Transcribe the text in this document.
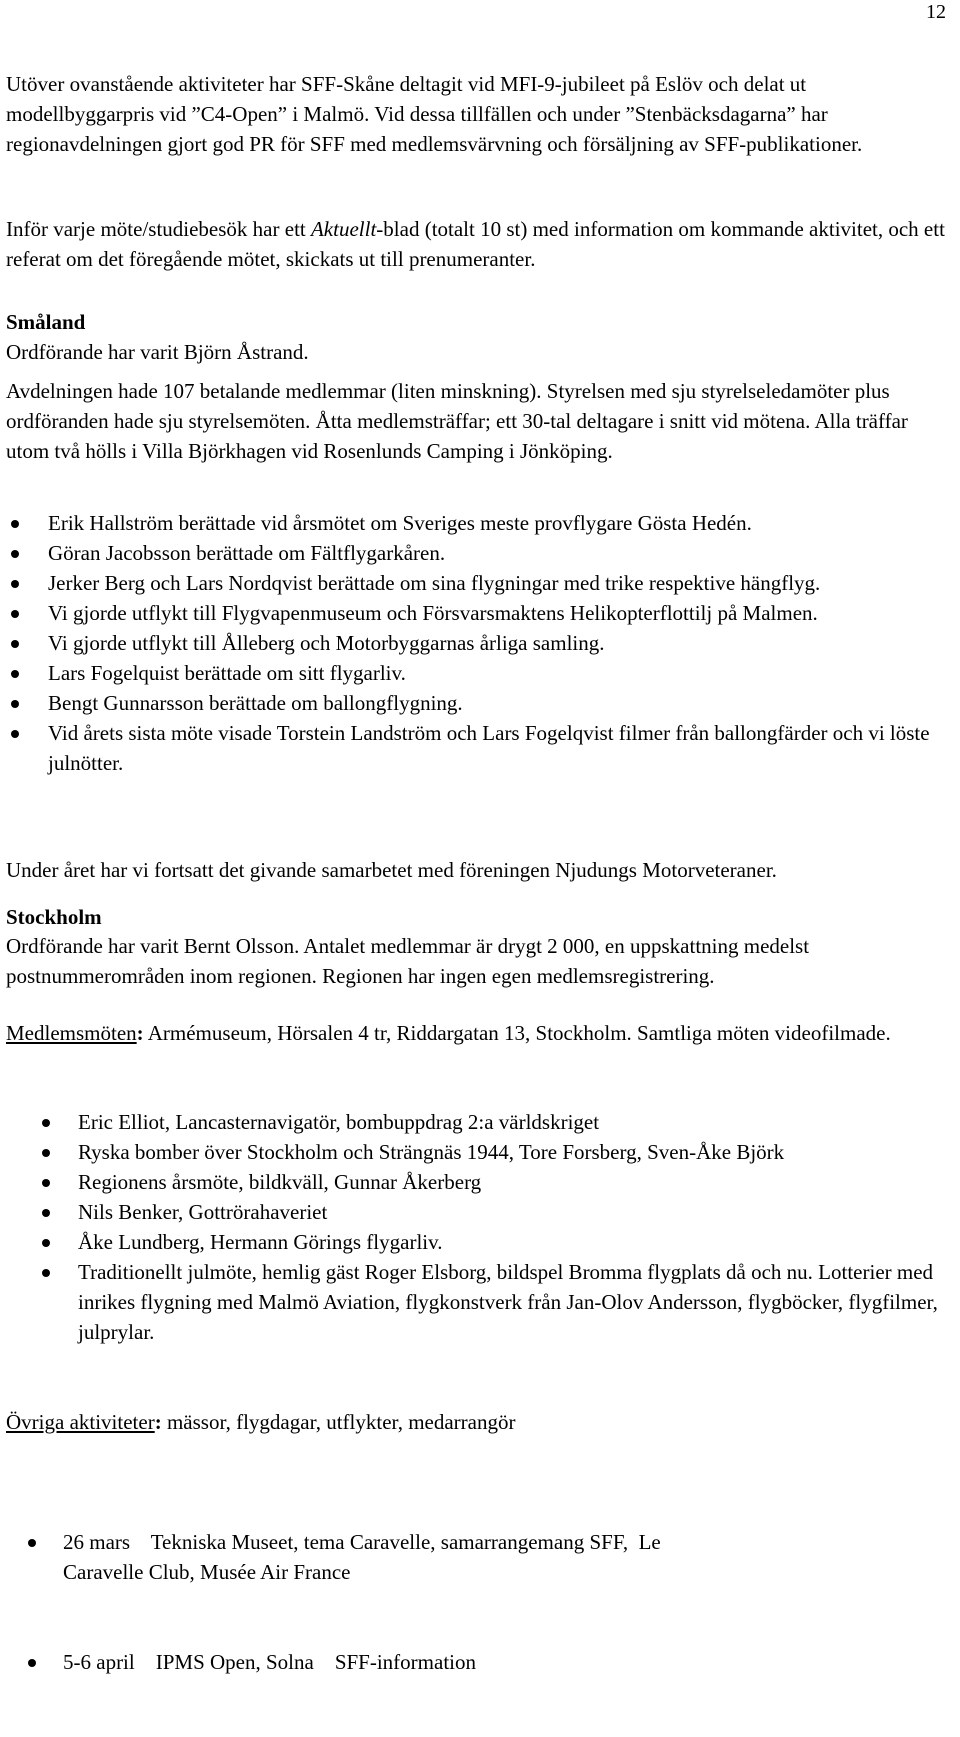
12

Utöver ovanstående aktiviteter har SFF-Skåne deltagit vid MFI-9-jubileet på Eslöv och delat ut modellbyggarpris vid ”C4-Open” i Malmö. Vid dessa tillfällen och under ”Stenbäcksdagarna” har regionavdelningen gjort god PR för SFF med medlemsvärvning och försäljning av SFF-publikationer.

Inför varje möte/studiebesök har ett Aktuellt-blad (totalt 10 st) med information om kommande aktivitet, och ett referat om det föregående mötet, skickats ut till prenumeranter.

Småland
Ordförande har varit Björn Åstrand.

Avdelningen hade 107 betalande medlemmar (liten minskning). Styrelsen med sju styrelseledamöter plus ordföranden hade sju styrelsemöten. Åtta medlemsträffar; ett 30-tal deltagare i snitt vid mötena. Alla träffar utom två hölls i Villa Björkhagen vid Rosenlunds Camping i Jönköping.

Erik Hallström berättade vid årsmötet om Sveriges meste provflygare Gösta Hedén.
Göran Jacobsson berättade om Fältflygarkåren.
Jerker Berg och Lars Nordqvist berättade om sina flygningar med trike respektive hängflyg.
Vi gjorde utflykt till Flygvapenmuseum och Försvarsmaktens Helikopterflottilj på Malmen.
Vi gjorde utflykt till Ålleberg och Motorbyggarnas årliga samling.
Lars Fogelquist berättade om sitt flygarliv.
Bengt Gunnarsson berättade om ballongflygning.
Vid årets sista möte visade Torstein Landström och Lars Fogelqvist filmer från ballongfärder och vi löste julnötter.

Under året har vi fortsatt det givande samarbetet med föreningen Njudungs Motorveteraner.

Stockholm

Ordförande har varit Bernt Olsson. Antalet medlemmar är drygt 2 000, en uppskattning medelst postnummerområden inom regionen. Regionen har ingen egen medlemsregistrering.

Medlemsmöten: Armémuseum, Hörsalen 4 tr, Riddargatan 13, Stockholm. Samtliga möten videofilmade.

Eric Elliot, Lancasternavigatör, bombuppdrag 2:a världskriget
Ryska bomber över Stockholm och Strängnäs 1944, Tore Forsberg, Sven-Åke Björk
Regionens årsmöte, bildkväll, Gunnar Åkerberg
Nils Benker, Gottrörahaveriet
Åke Lundberg, Hermann Görings flygarliv.
Traditionellt julmöte, hemlig gäst Roger Elsborg, bildspel Bromma flygplats då och nu. Lotterier med inrikes flygning med Malmö Aviation, flygkonstverk från Jan-Olov Andersson, flygböcker, flygfilmer, julprylar.

Övriga aktiviteter: mässor, flygdagar, utflykter, medarrangör

26 mars    Tekniska Museet, tema Caravelle, samarrangemang SFF,  Le Caravelle Club, Musée Air France

5-6 april    IPMS Open, Solna    SFF-information
